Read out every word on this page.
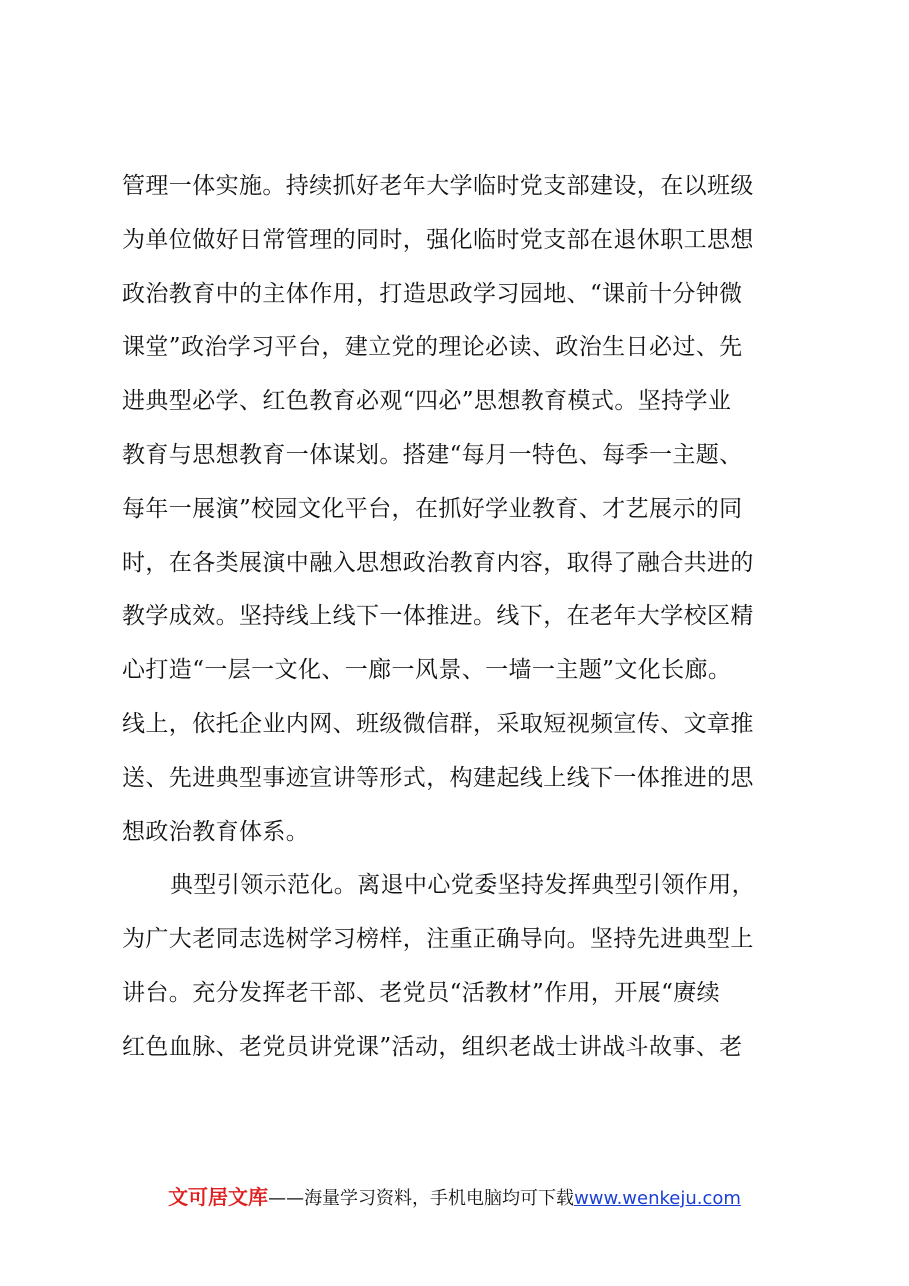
管理一体实施。持续抓好老年大学临时党支部建设，在以班级
为单位做好日常管理的同时，强化临时党支部在退休职工思想
政治教育中的主体作用，打造思政学习园地、“课前十分钟微
课堂”政治学习平台，建立党的理论必读、政治生日必过、先
进典型必学、红色教育必观“四必”思想教育模式。坚持学业
教育与思想教育一体谋划。搭建“每月一特色、每季一主题、
每年一展演”校园文化平台，在抓好学业教育、才艺展示的同
时，在各类展演中融入思想政治教育内容，取得了融合共进的
教学成效。坚持线上线下一体推进。线下，在老年大学校区精
心打造“一层一文化、一廊一风景、一墙一主题”文化长廊。
线上，依托企业内网、班级微信群，采取短视频宣传、文章推
送、先进典型事迹宣讲等形式，构建起线上线下一体推进的思
想政治教育体系。
典型引领示范化。离退中心党委坚持发挥典型引领作用，
为广大老同志选树学习榜样，注重正确导向。坚持先进典型上
讲台。充分发挥老干部、老党员“活教材”作用，开展“赓续
红色血脉、老党员讲党课”活动，组织老战士讲战斗故事、老
文可居文库——海量学习资料，手机电脑均可下载www.wenkeju.com
